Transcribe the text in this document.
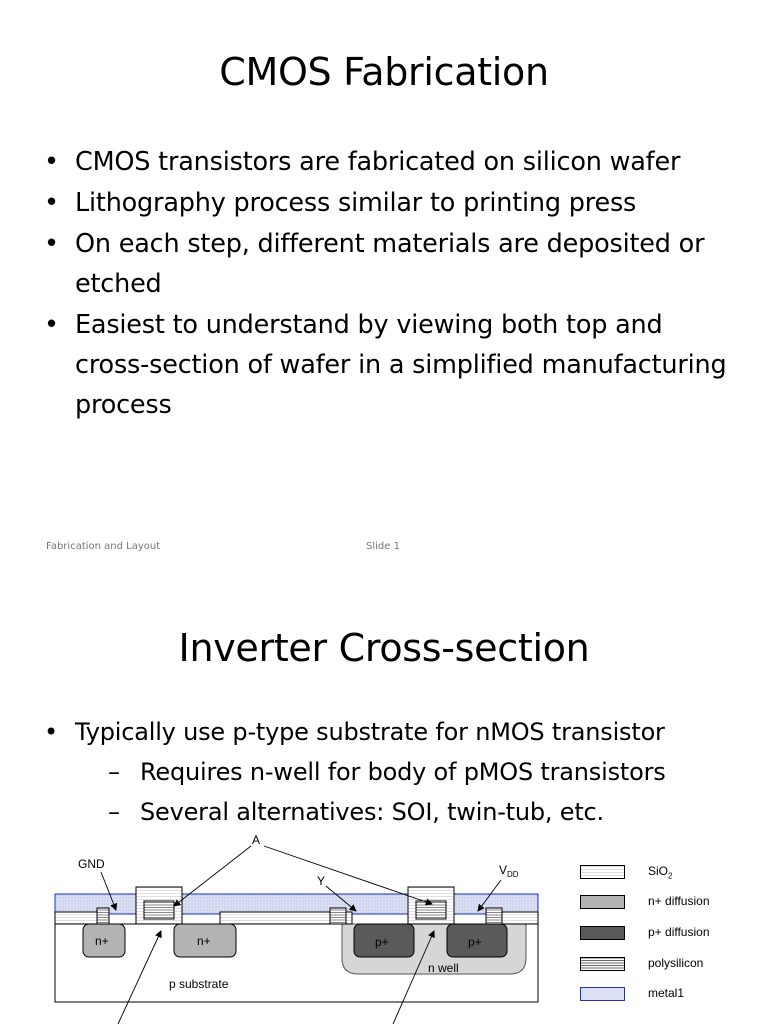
CMOS Fabrication
• CMOS transistors are fabricated on silicon wafer
• Lithography process similar to printing press
• On each step, different materials are deposited or etched
• Easiest to understand by viewing both top and cross-section of wafer in a simplified manufacturing process
Fabrication and Layout	Slide 1
Inverter Cross-section
• Typically use p-type substrate for nMOS transistor
– Requires n-well for body of pMOS transistors
– Several alternatives: SOI, twin-tub, etc.
GND
A
Y
$V_{DD}$
n+	n+	p+	p+
n well
p substrate
SiO$_2$
n+ diffusion
p+ diffusion
polysilicon
metal1
